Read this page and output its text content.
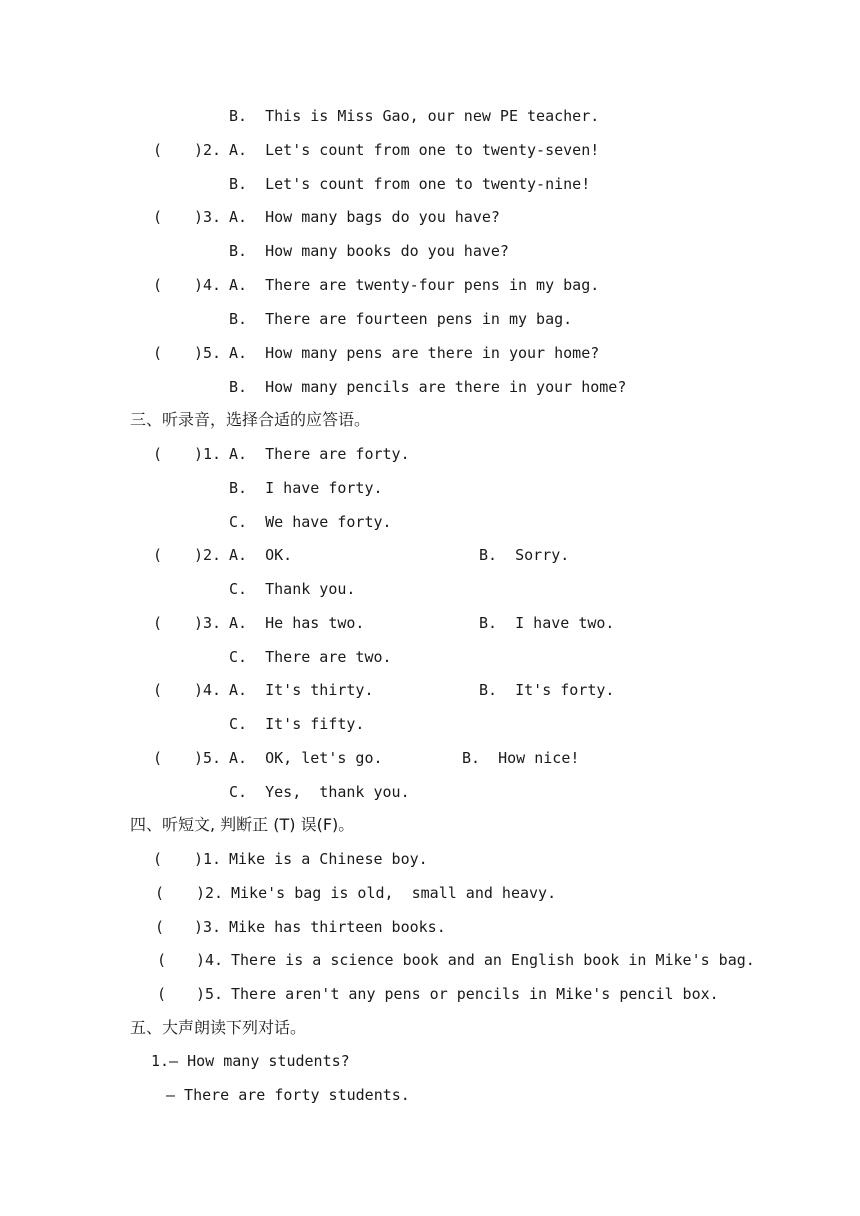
B.  This is Miss Gao, our new PE teacher.
( )2. A.  Let's count from one to twenty-seven!
B.  Let's count from one to twenty-nine!
( )3. A.  How many bags do you have?
B.  How many books do you have?
( )4. A.  There are twenty-four pens in my bag.
B.  There are fourteen pens in my bag.
( )5. A.  How many pens are there in your home?
B.  How many pencils are there in your home?
三、听录音，选择合适的应答语。
( )1. A.  There are forty.
B.  I have forty.
C.  We have forty.
( )2. A.  OK.	B.  Sorry.
C.  Thank you.
( )3. A.  He has two.	B.  I have two.
C.  There are two.
( )4. A.  It's thirty.	B.  It's forty.
C.  It's fifty.
( )5. A.  OK, let's go.	B.  How nice!
C.  Yes,  thank you.
四、听短文, 判断正 (T) 误(F)。
( )1. Mike is a Chinese boy.
( )2. Mike's bag is old,  small and heavy.
( )3. Mike has thirteen books.
( )4. There is a science book and an English book in Mike's bag.
( )5. There aren't any pens or pencils in Mike's pencil box.
五、大声朗读下列对话。
1.— How many students?
— There are forty students.
